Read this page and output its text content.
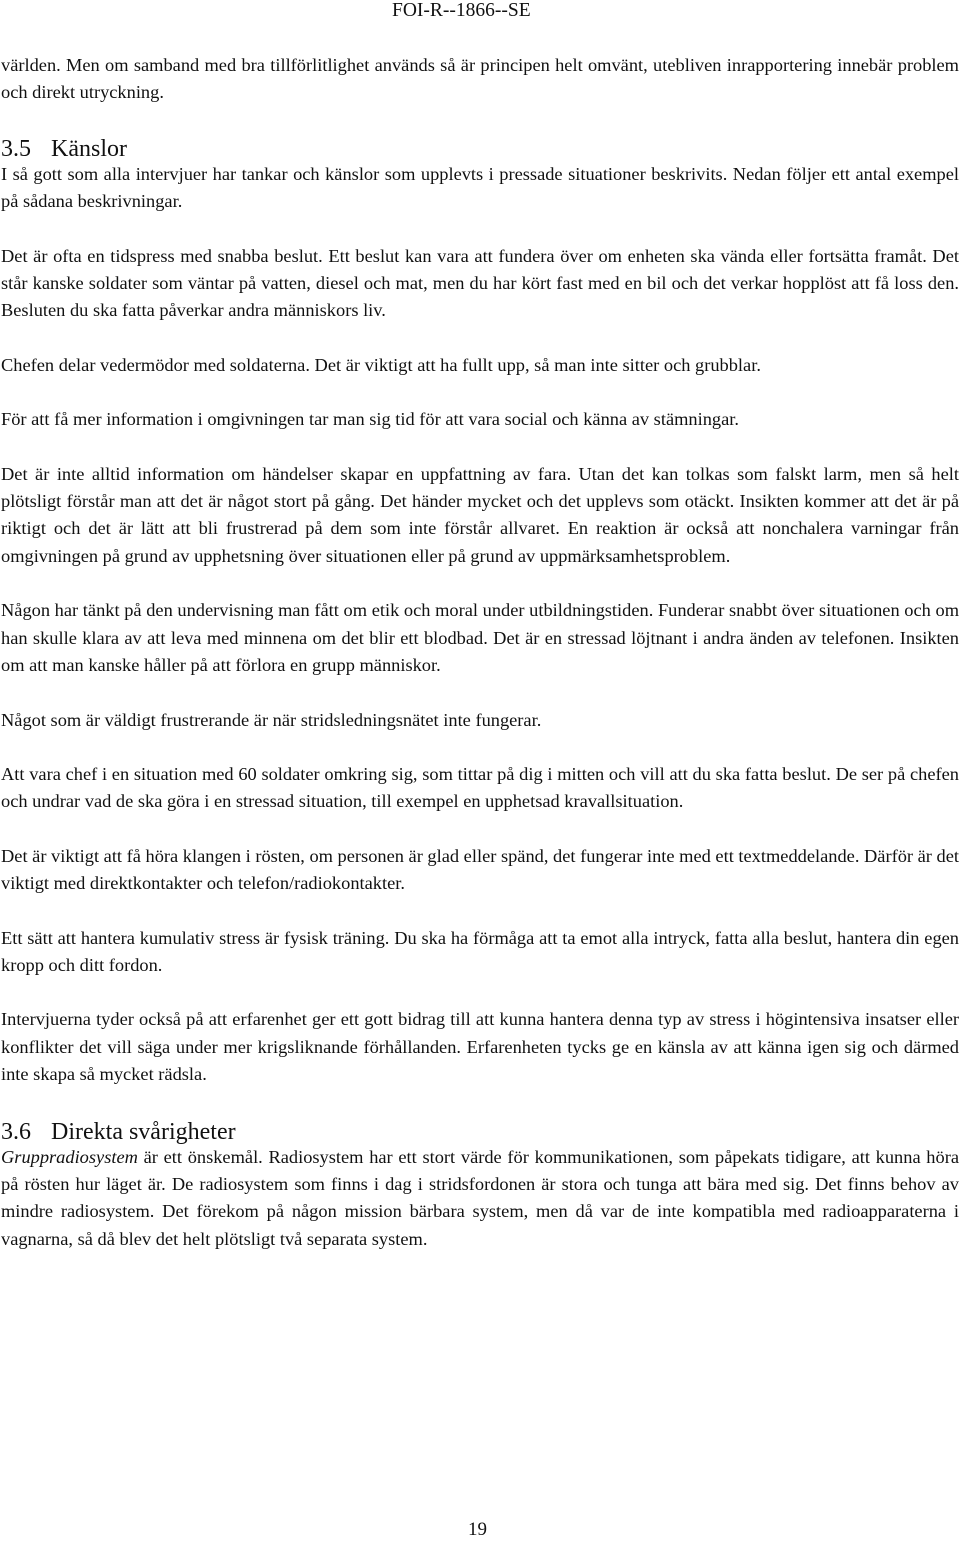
FOI-R--1866--SE

världen. Men om samband med bra tillförlitlighet används så är principen helt omvänt, utebliven inrapportering innebär problem och direkt utryckning.

3.5 Känslor

I så gott som alla intervjuer har tankar och känslor som upplevts i pressade situationer beskrivits. Nedan följer ett antal exempel på sådana beskrivningar.

Det är ofta en tidspress med snabba beslut. Ett beslut kan vara att fundera över om enheten ska vända eller fortsätta framåt. Det står kanske soldater som väntar på vatten, diesel och mat, men du har kört fast med en bil och det verkar hopplöst att få loss den. Besluten du ska fatta påverkar andra människors liv.

Chefen delar vedermödor med soldaterna. Det är viktigt att ha fullt upp, så man inte sitter och grubblar.

För att få mer information i omgivningen tar man sig tid för att vara social och känna av stämningar.

Det är inte alltid information om händelser skapar en uppfattning av fara. Utan det kan tolkas som falskt larm, men så helt plötsligt förstår man att det är något stort på gång. Det händer mycket och det upplevs som otäckt. Insikten kommer att det är på riktigt och det är lätt att bli frustrerad på dem som inte förstår allvaret. En reaktion är också att nonchalera varningar från omgivningen på grund av upphetsning över situationen eller på grund av uppmärksamhetsproblem.

Någon har tänkt på den undervisning man fått om etik och moral under utbildningstiden. Funderar snabbt över situationen och om han skulle klara av att leva med minnena om det blir ett blodbad. Det är en stressad löjtnant i andra änden av telefonen. Insikten om att man kanske håller på att förlora en grupp människor.

Något som är väldigt frustrerande är när stridsledningsnätet inte fungerar.

Att vara chef i en situation med 60 soldater omkring sig, som tittar på dig i mitten och vill att du ska fatta beslut. De ser på chefen och undrar vad de ska göra i en stressad situation, till exempel en upphetsad kravallsituation.

Det är viktigt att få höra klangen i rösten, om personen är glad eller spänd, det fungerar inte med ett textmeddelande. Därför är det viktigt med direktkontakter och telefon/radiokontakter.

Ett sätt att hantera kumulativ stress är fysisk träning. Du ska ha förmåga att ta emot alla intryck, fatta alla beslut, hantera din egen kropp och ditt fordon.

Intervjuerna tyder också på att erfarenhet ger ett gott bidrag till att kunna hantera denna typ av stress i högintensiva insatser eller konflikter det vill säga under mer krigsliknande förhållanden. Erfarenheten tycks ge en känsla av att känna igen sig och därmed inte skapa så mycket rädsla.

3.6 Direkta svårigheter

Gruppradiosystem är ett önskemål. Radiosystem har ett stort värde för kommunikationen, som påpekats tidigare, att kunna höra på rösten hur läget är. De radiosystem som finns i dag i stridsfordonen är stora och tunga att bära med sig. Det finns behov av mindre radiosystem. Det förekom på någon mission bärbara system, men då var de inte kompatibla med radioapparaterna i vagnarna, så då blev det helt plötsligt två separata system.

19
